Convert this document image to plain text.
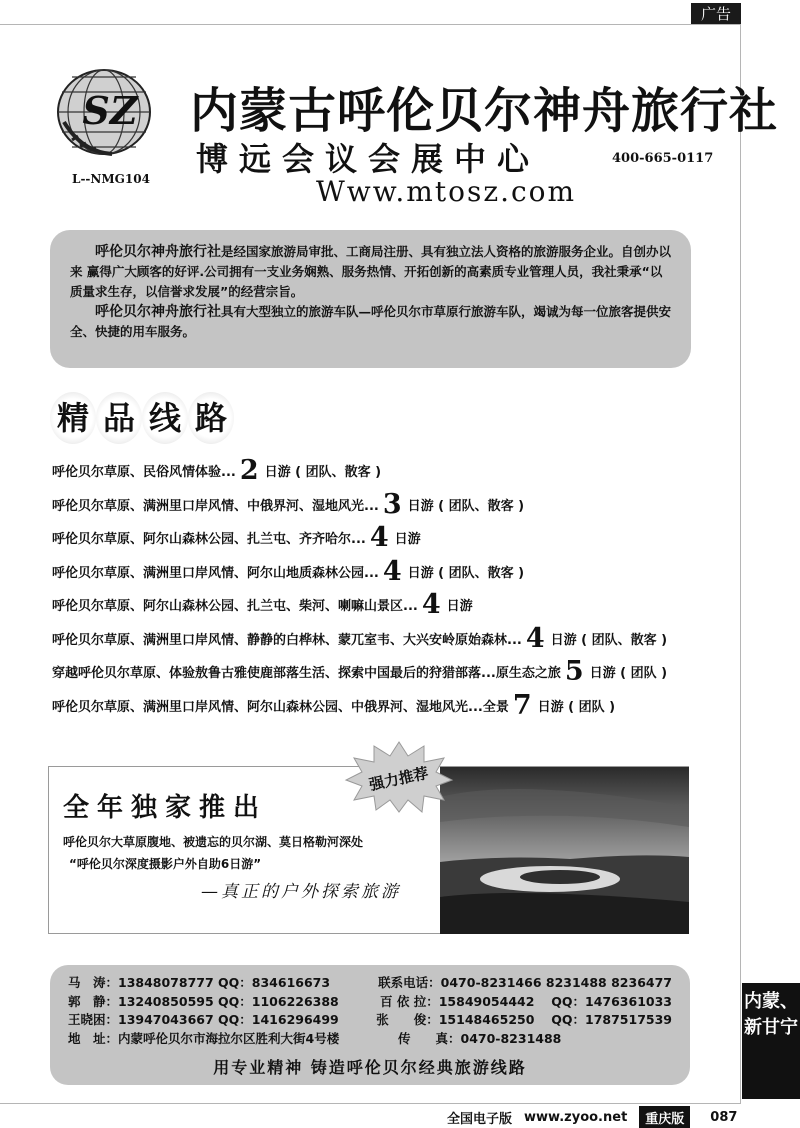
广告
SZ
L--NMG104
内蒙古呼伦贝尔神舟旅行社
博远会议会展中心	400-665-0117
Www.mtosz.com

呼伦贝尔神舟旅行社是经国家旅游局审批、工商局注册、具有独立法人资格的旅游服务企业。自创办以来 赢得广大顾客的好评.公司拥有一支业务娴熟、服务热情、开拓创新的高素质专业管理人员，我社秉承“以质量求生存，以信誉求发展”的经营宗旨。

呼伦贝尔神舟旅行社具有大型独立的旅游车队—呼伦贝尔市草原行旅游车队，竭诚为每一位旅客提供安全、快捷的用车服务。

精 品 线 路
呼伦贝尔草原、民俗风情体验... 2 日游 ( 团队、散客 )
呼伦贝尔草原、满洲里口岸风情、中俄界河、湿地风光... 3 日游 ( 团队、散客 )
呼伦贝尔草原、阿尔山森林公园、扎兰屯、齐齐哈尔... 4 日游
呼伦贝尔草原、满洲里口岸风情、阿尔山地质森林公园... 4 日游 ( 团队、散客 )
呼伦贝尔草原、阿尔山森林公园、扎兰屯、柴河、喇嘛山景区... 4 日游
呼伦贝尔草原、满洲里口岸风情、静静的白桦林、蒙兀室韦、大兴安岭原始森林... 4 日游 ( 团队、散客 )
穿越呼伦贝尔草原、体验敖鲁古雅使鹿部落生活、探索中国最后的狩猎部落...原生态之旅 5 日游 ( 团队 )
呼伦贝尔草原、满洲里口岸风情、阿尔山森林公园、中俄界河、湿地风光...全景 7 日游 ( 团队 )
全年独家推出
呼伦贝尔大草原腹地、被遗忘的贝尔湖、莫日格勒河深处
“呼伦贝尔深度摄影户外自助6日游”
—真正的户外探索旅游
强力推荐
马　涛：13848078777 QQ：834616673	联系电话：0470-8231466 8231488 8236477
郭　静：13240850595 QQ：1106226388	百 依 拉：15849054442　 QQ：1476361033
王晓困：13947043667 QQ：1416296499	张　　俊：15148465250　 QQ：1787517539
地　址：内蒙呼伦贝尔市海拉尔区胜利大街4号楼	传　　真：0470-8231488
用专业精神 铸造呼伦贝尔经典旅游线路
内蒙、
新甘宁
全国电子版 www.zyoo.net	重庆版	087
